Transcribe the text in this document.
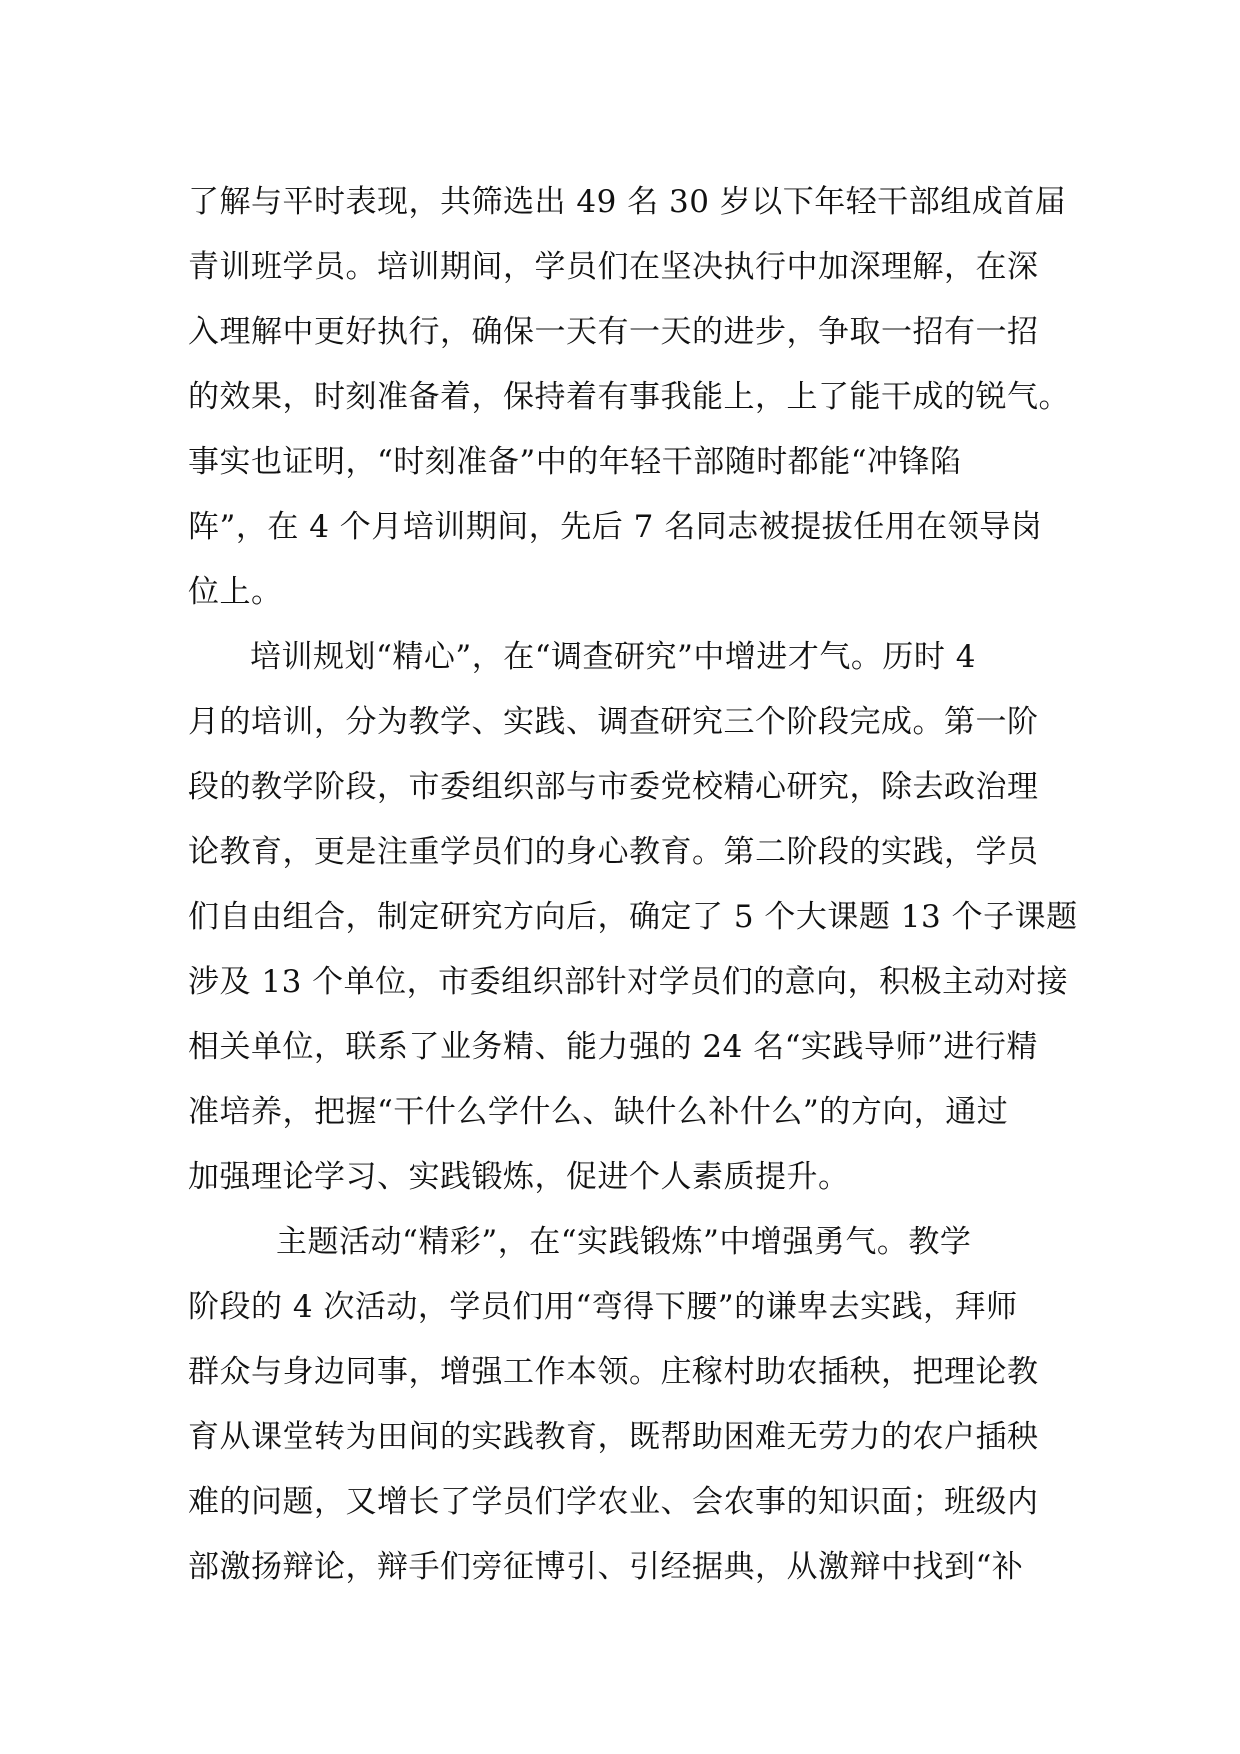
了解与平时表现，共筛选出 49 名 30 岁以下年轻干部组成首届
青训班学员。培训期间，学员们在坚决执行中加深理解，在深
入理解中更好执行，确保一天有一天的进步，争取一招有一招
的效果，时刻准备着，保持着有事我能上，上了能干成的锐气。
事实也证明，“时刻准备”中的年轻干部随时都能“冲锋陷
阵”，在 4 个月培训期间，先后 7 名同志被提拔任用在领导岗
位上。
培训规划“精心”，在“调查研究”中增进才气。历时 4
月的培训，分为教学、实践、调查研究三个阶段完成。第一阶
段的教学阶段，市委组织部与市委党校精心研究，除去政治理
论教育，更是注重学员们的身心教育。第二阶段的实践，学员
们自由组合，制定研究方向后，确定了 5 个大课题 13 个子课题
涉及 13 个单位，市委组织部针对学员们的意向，积极主动对接
相关单位，联系了业务精、能力强的 24 名“实践导师”进行精
准培养，把握“干什么学什么、缺什么补什么”的方向，通过
加强理论学习、实践锻炼，促进个人素质提升。
主题活动“精彩”，在“实践锻炼”中增强勇气。教学
阶段的 4 次活动，学员们用“弯得下腰”的谦卑去实践，拜师
群众与身边同事，增强工作本领。庄稼村助农插秧，把理论教
育从课堂转为田间的实践教育，既帮助困难无劳力的农户插秧
难的问题，又增长了学员们学农业、会农事的知识面；班级内
部激扬辩论，辩手们旁征博引、引经据典，从激辩中找到“补
